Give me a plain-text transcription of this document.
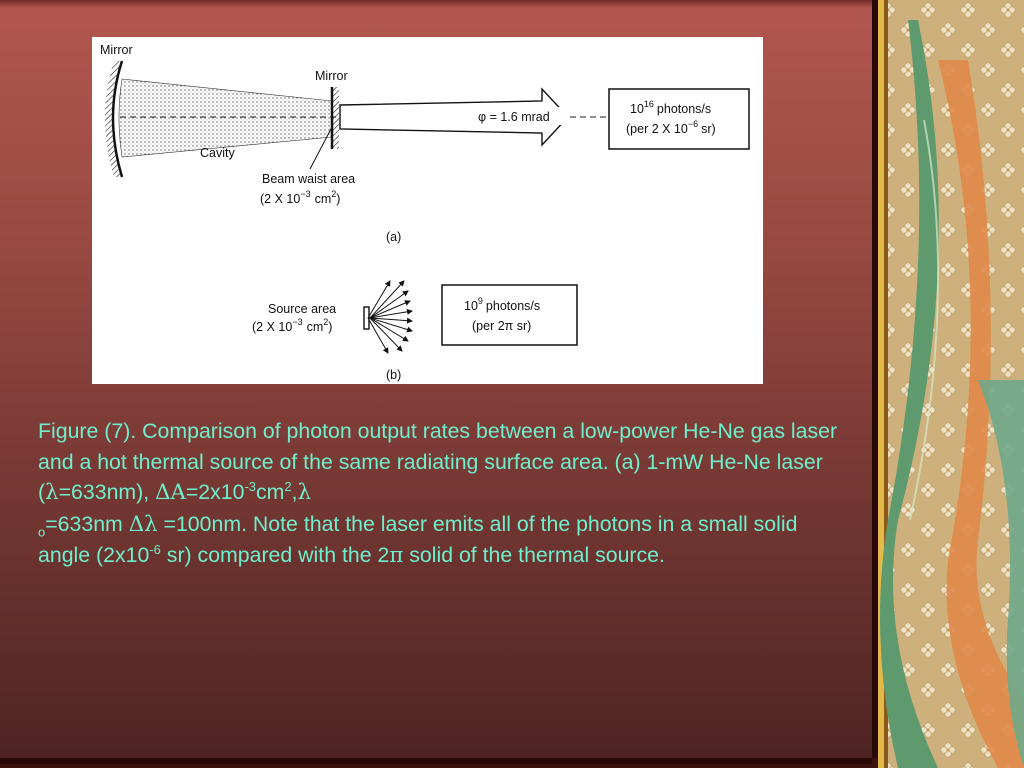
Mirror
Cavity
Mirror
φ = 1.6 mrad
$10^{16}$ photons/s
(per 2 X $10^{-6}$ sr)
Beam waist area
(2 X $10^{-3}$ $cm^2$)
(a)
Source area
(2 X $10^{-3}$ $cm^2$)
$10^9$ photons/s
(per 2π sr)
(b)
Figure (7). Comparison of photon output rates between a low-power He-Ne gas laser and a hot thermal source of the same radiating surface area. (a) 1-mW He-Ne laser (λ=633nm), $\Delta A=2x10^{-3}cm^2,\lambda$
$_o$=633nm Δλ =100nm. Note that the laser emits all of the photons in a small solid angle ($2x10^{-6}$ sr) compared with the 2π solid of the thermal source.
